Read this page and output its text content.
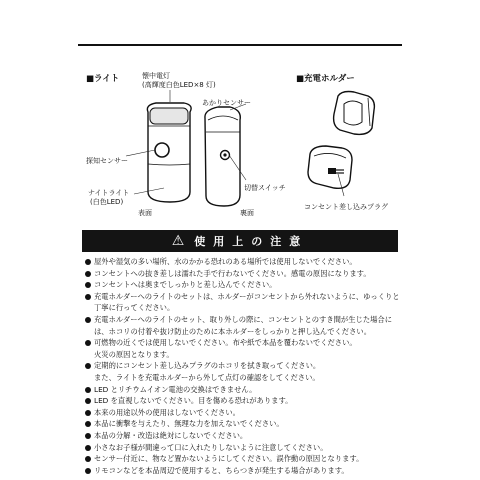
■ライト	懐中電灯
(高輝度白色LED×8 灯)
あかりセンサー
探知センサー
ナイトライト
(白色LED)
切替スイッチ
表面	裏面
■充電ホルダー
コンセント差し込みプラグ
⚠ 使用上の注意
屋外や湿気の多い場所、水のかかる恐れのある場所では使用しないでください。
コンセントへの抜き差しは濡れた手で行わないでください。感電の原因になります。
コンセントへは奥までしっかりと差し込んでください。
充電ホルダーへのライトのセットは、ホルダーがコンセントから外れないように、ゆっくりと丁寧に行ってください。
充電ホルダーへのライトのセット、取り外しの際に、コンセントとのすき間が生じた場合には、ホコリの付着や抜け防止のために本ホルダーをしっかりと押し込んでください。
可燃物の近くでは使用しないでください。布や紙で本品を覆わないでください。
火災の原因となります。
定期的にコンセント差し込みプラグのホコリを拭き取ってください。
また、ライトを充電ホルダーから外して点灯の確認をしてください。
LED とリチウムイオン電池の交換はできません。
LED を直視しないでください。目を傷める恐れがあります。
本来の用途以外の使用はしないでください。
本品に衝撃を与えたり、無理な力を加えないでください。
本品の分解・改造は絶対にしないでください。
小さなお子様が間違って口に入れたりしないように注意してください。
センサー付近に、物など置かないようにしてください。誤作動の原因となります。
リモコンなどを本品周辺で使用すると、ちらつきが発生する場合があります。
